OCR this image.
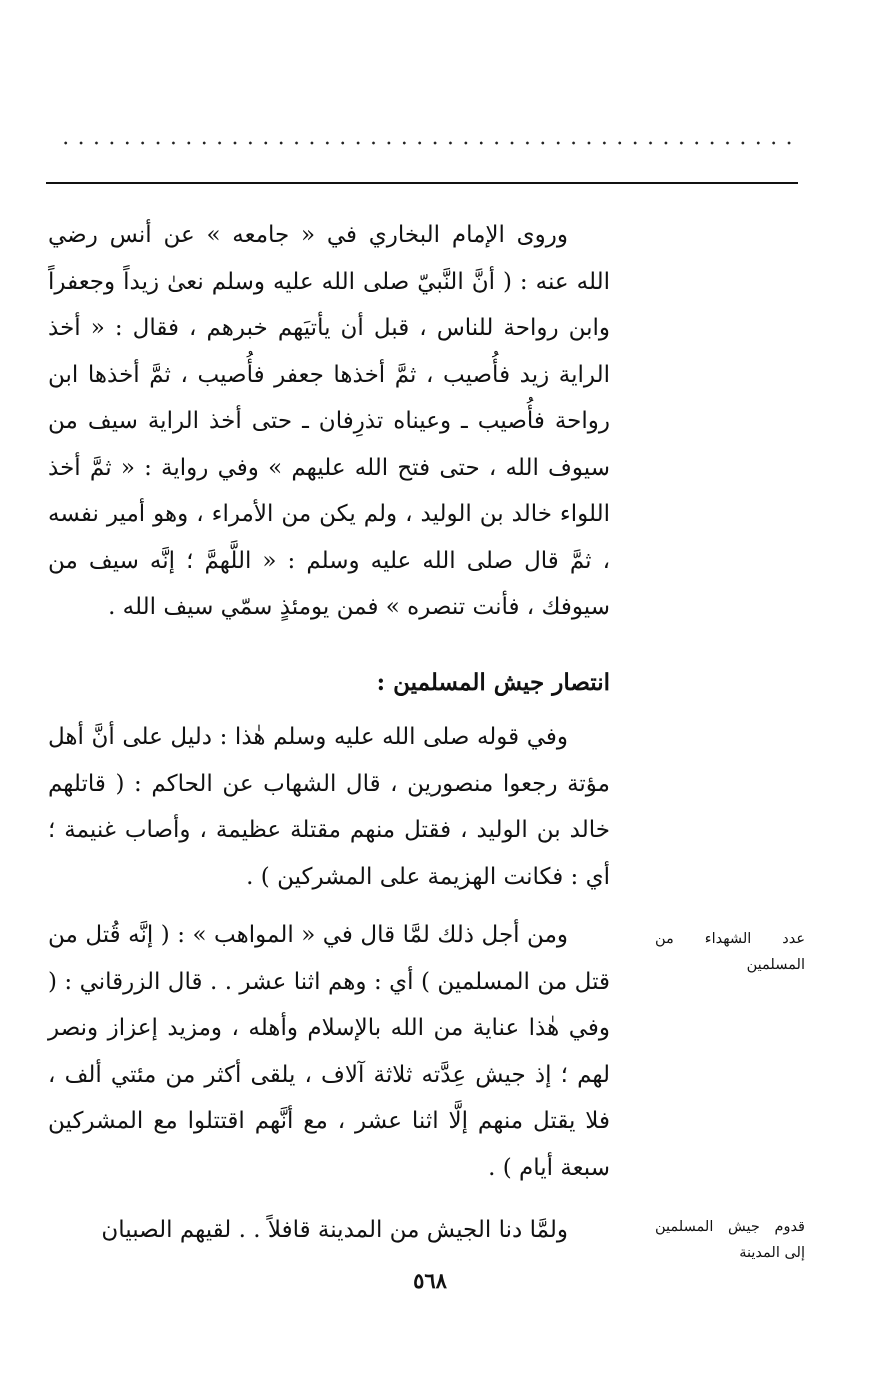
وروى الإمام البخاري في « جامعه » عن أنس رضي الله عنه : ( أنَّ النَّبيّ صلى الله عليه وسلم نعىٰ زيداً وجعفراً وابن رواحة للناس ، قبل أن يأتيَهم خبرهم ، فقال : « أخذ الراية زيد فأُصيب ، ثمَّ أخذها جعفر فأُصيب ، ثمَّ أخذها ابن رواحة فأُصيب ـ وعيناه تذرِفان ـ حتى أخذ الراية سيف من سيوف الله ، حتى فتح الله عليهم » وفي رواية : « ثمَّ أخذ اللواء خالد بن الوليد ، ولم يكن من الأمراء ، وهو أمير نفسه ، ثمَّ قال صلى الله عليه وسلم : « اللَّهمَّ ؛ إنَّه سيف من سيوفك ، فأنت تنصره » فمن يومئذٍ سمّي سيف الله .

انتصار جيش المسلمين :

وفي قوله صلى الله عليه وسلم هٰذا : دليل على أنَّ أهل مؤتة رجعوا منصورين ، قال الشهاب عن الحاكم : ( قاتلهم خالد بن الوليد ، فقتل منهم مقتلة عظيمة ، وأصاب غنيمة ؛ أي : فكانت الهزيمة على المشركين ) .

ومن أجل ذلك لمَّا قال في « المواهب » : ( إنَّه قُتل من قتل من المسلمين ) أي : وهم اثنا عشر . . قال الزرقاني : ( وفي هٰذا عناية من الله بالإسلام وأهله ، ومزيد إعزاز ونصر لهم ؛ إذ جيش عِدَّته ثلاثة آلاف ، يلقى أكثر من مئتي ألف ، فلا يقتل منهم إلَّا اثنا عشر ، مع أنَّهم اقتتلوا مع المشركين سبعة أيام ) .

ولمَّا دنا الجيش من المدينة قافلاً . . لقيهم الصبيان

عدد الشهداء من المسلمين

قدوم جيش المسلمين إلى المدينة

٥٦٨
